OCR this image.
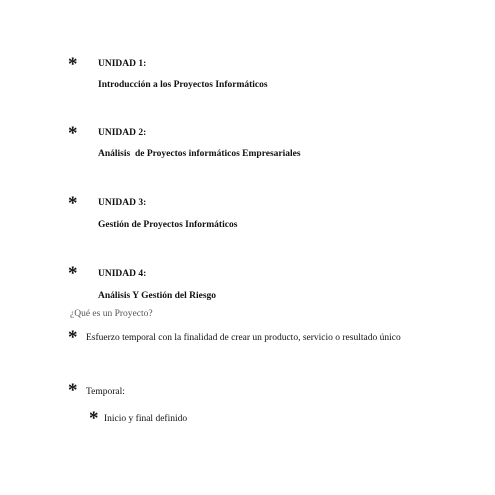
* UNIDAD 1:
Introducción a los Proyectos Informáticos
* UNIDAD 2:
Análisis  de Proyectos informáticos Empresariales
* UNIDAD 3:
Gestión de Proyectos Informáticos
* UNIDAD 4:
Análisis Y Gestión del Riesgo
¿Qué es un Proyecto?
* Esfuerzo temporal con la finalidad de crear un producto, servicio o resultado único
* Temporal:
* Inicio y final definido
